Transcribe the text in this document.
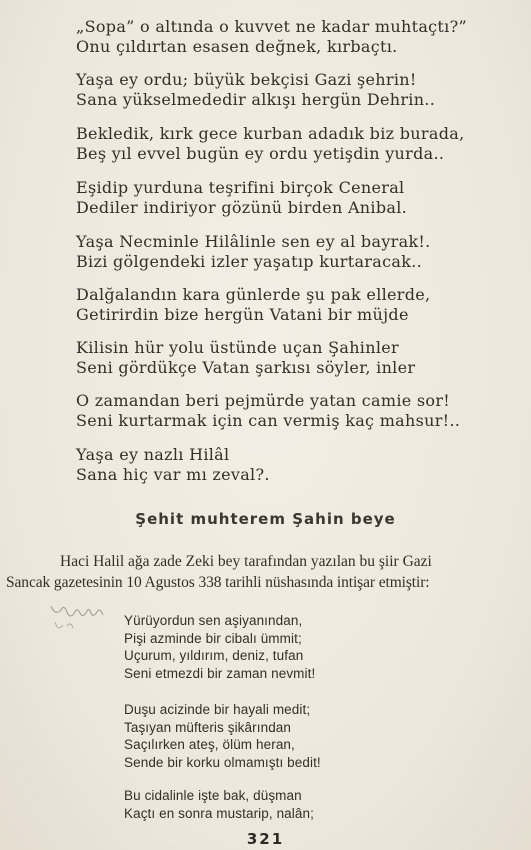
„Sopa” o altında o kuvvet ne kadar muhtaçtı?”
Onu çıldırtan esasen değnek, kırbaçtı.
Yaşa ey ordu; büyük bekçisi Gazi şehrin!
Sana yükselmededir alkışı hergün Dehrin..
Bekledik, kırk gece kurban adadık biz burada,
Beş yıl evvel bugün ey ordu yetişdin yurda..
Eşidip yurduna teşrifini birçok Ceneral
Dediler indiriyor gözünü birden Anibal.
Yaşa Necminle Hilâlinle sen ey al bayrak!.
Bizi gölgendeki izler yaşatıp kurtaracak..
Dalğalandın kara günlerde şu pak ellerde,
Getirirdin bize hergün Vatani bir müjde
Kilisin hür yolu üstünde uçan Şahinler
Seni gördükçe Vatan şarkısı söyler, inler
O zamandan beri pejmürde yatan camie sor!
Seni kurtarmak için can vermiş kaç mahsur!..
Yaşa ey nazlı Hilâl
Sana hiç var mı zeval?.
Şehit muhterem Şahin beye
Haci Halil ağa zade Zeki bey tarafından yazılan bu şiir Gazi
Sancak gazetesinin 10 Agustos 338 tarihli nüshasında intişar etmiştir:
Yürüyordun sen aşiyanından,
Pişi azminde bir cibalı ümmit;
Uçurum, yıldırım, deniz, tufan
Seni etmezdi bir zaman nevmit!
Duşu acizinde bir hayali medit;
Taşıyan müfteris şikârından
Saçılırken ateş, ölüm heran,
Sende bir korku olmamıştı bedit!
Bu cidalinle işte bak, düşman
Kaçtı en sonra mustarip, nalân;
321
